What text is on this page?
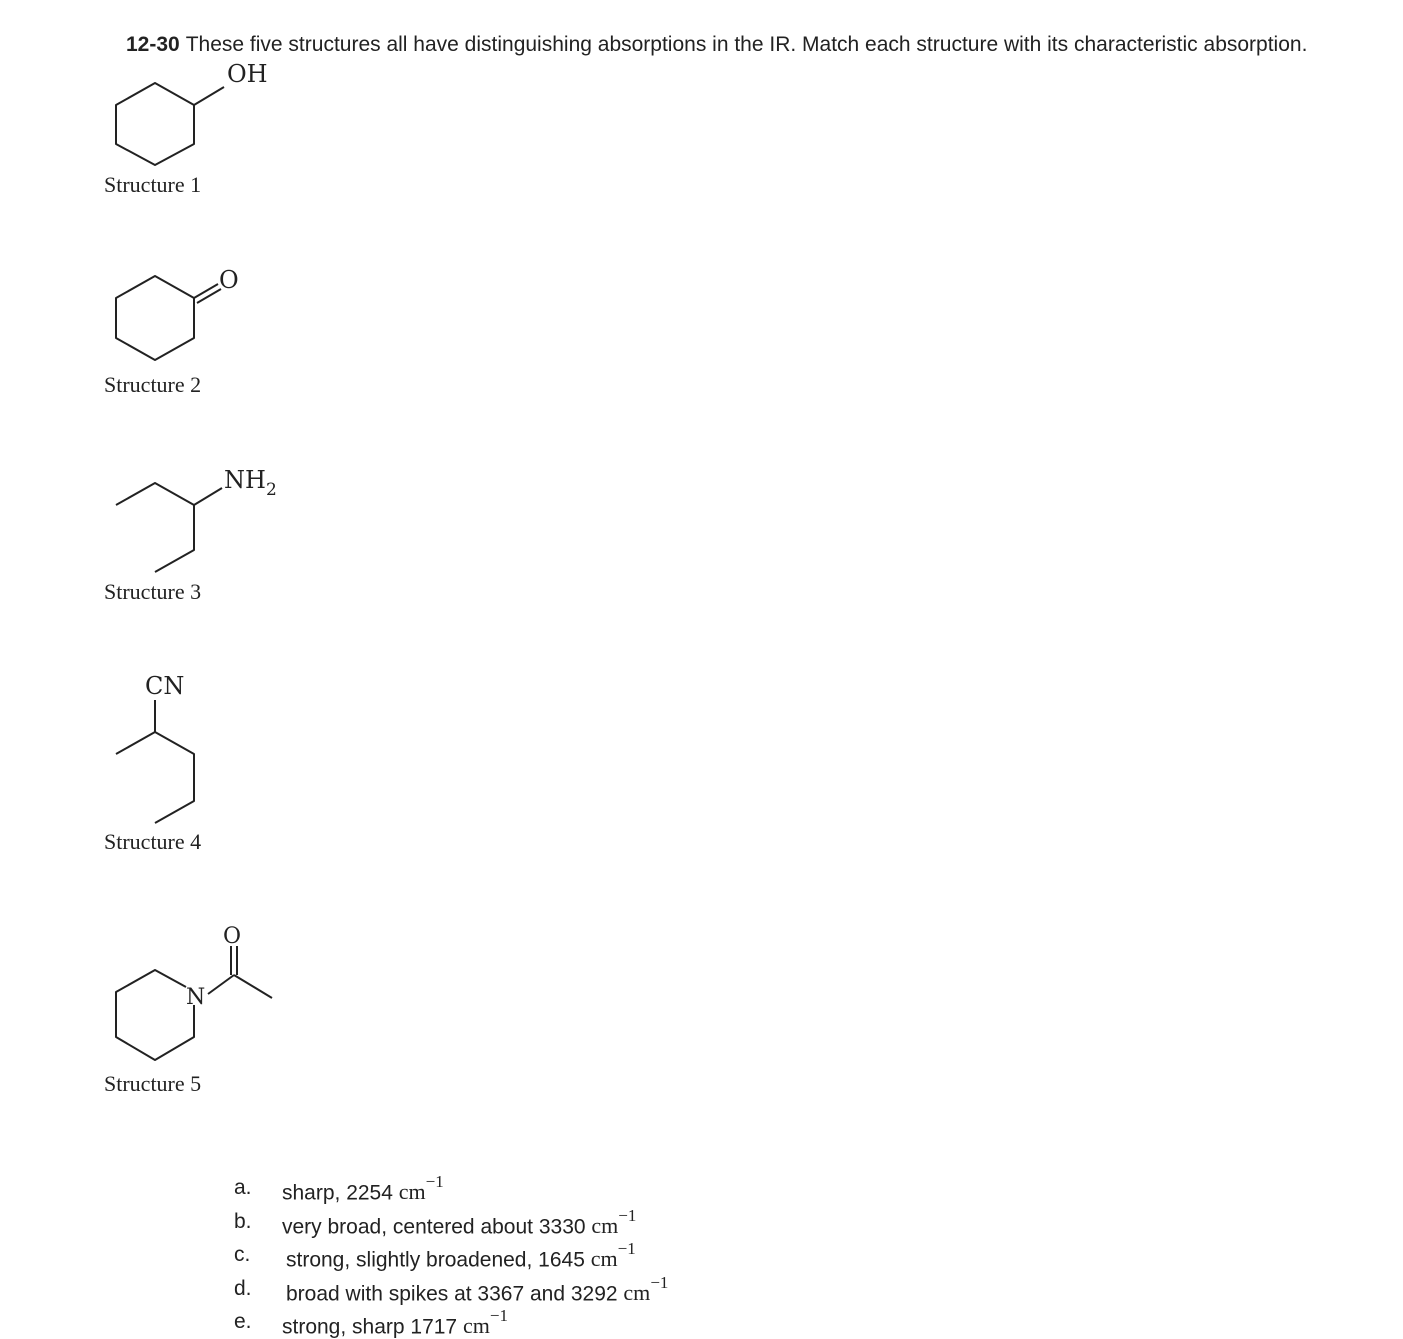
12-30 These five structures all have distinguishing absorptions in the IR. Match each structure with its characteristic absorption.
OH
Structure 1
O
Structure 2
$NH_2$
Structure 3
CN
Structure 4
N
O
Structure 5
a.	sharp, 2254 $cm^{-1}$
b.	very broad, centered about 3330 $cm^{-1}$
c.	strong, slightly broadened, 1645 $cm^{-1}$
d.	broad with spikes at 3367 and 3292 $cm^{-1}$
e.	strong, sharp 1717 $cm^{-1}$
